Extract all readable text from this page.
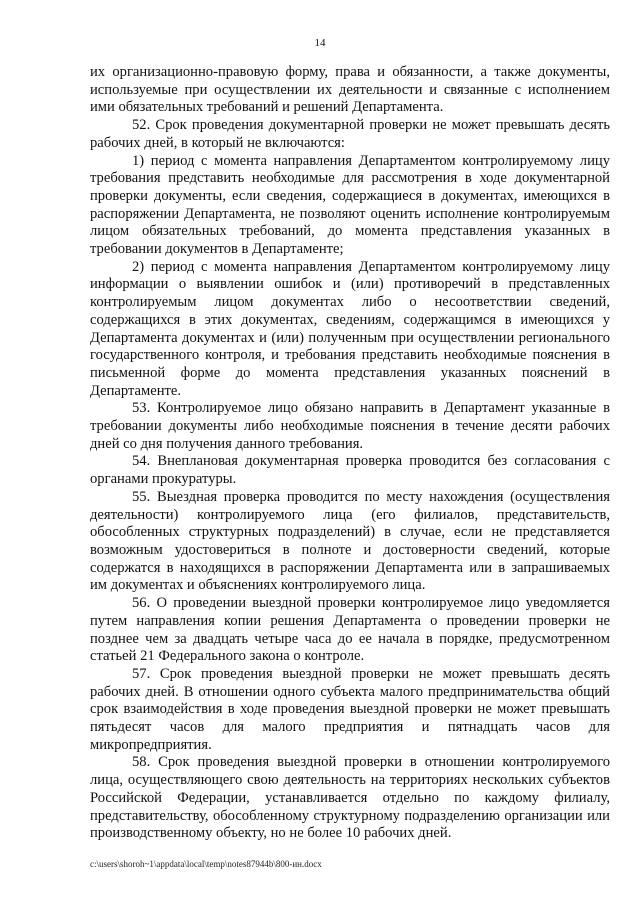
14

их организационно-правовую форму, права и обязанности, а также документы, используемые при осуществлении их деятельности и связанные с исполнением ими обязательных требований и решений Департамента.

52. Срок проведения документарной проверки не может превышать десять рабочих дней, в который не включаются:

1) период с момента направления Департаментом контролируемому лицу требования представить необходимые для рассмотрения в ходе документарной проверки документы, если сведения, содержащиеся в документах, имеющихся в распоряжении Департамента, не позволяют оценить исполнение контролируемым лицом обязательных требований, до момента представления указанных в требовании документов в Департаменте;

2) период с момента направления Департаментом контролируемому лицу информации о выявлении ошибок и (или) противоречий в представленных контролируемым лицом документах либо о несоответствии сведений, содержащихся в этих документах, сведениям, содержащимся в имеющихся у Департамента документах и (или) полученным при осуществлении регионального государственного контроля, и требования представить необходимые пояснения в письменной форме до момента представления указанных пояснений в Департаменте.

53. Контролируемое лицо обязано направить в Департамент указанные в требовании документы либо необходимые пояснения в течение десяти рабочих дней со дня получения данного требования.

54. Внеплановая документарная проверка проводится без согласования с органами прокуратуры.

55. Выездная проверка проводится по месту нахождения (осуществления деятельности) контролируемого лица (его филиалов, представительств, обособленных структурных подразделений) в случае, если не представляется возможным удостовериться в полноте и достоверности сведений, которые содержатся в находящихся в распоряжении Департамента или в запрашиваемых им документах и объяснениях контролируемого лица.

56. О проведении выездной проверки контролируемое лицо уведомляется путем направления копии решения Департамента о проведении проверки не позднее чем за двадцать четыре часа до ее начала в порядке, предусмотренном статьей 21 Федерального закона о контроле.

57. Срок проведения выездной проверки не может превышать десять рабочих дней. В отношении одного субъекта малого предпринимательства общий срок взаимодействия в ходе проведения выездной проверки не может превышать пятьдесят часов для малого предприятия и пятнадцать часов для микропредприятия.

58. Срок проведения выездной проверки в отношении контролируемого лица, осуществляющего свою деятельность на территориях нескольких субъектов Российской Федерации, устанавливается отдельно по каждому филиалу, представительству, обособленному структурному подразделению организации или производственному объекту, но не более 10 рабочих дней.

c:\users\shoroh~1\appdata\local\temp\notes87944b\800-ин.docx
